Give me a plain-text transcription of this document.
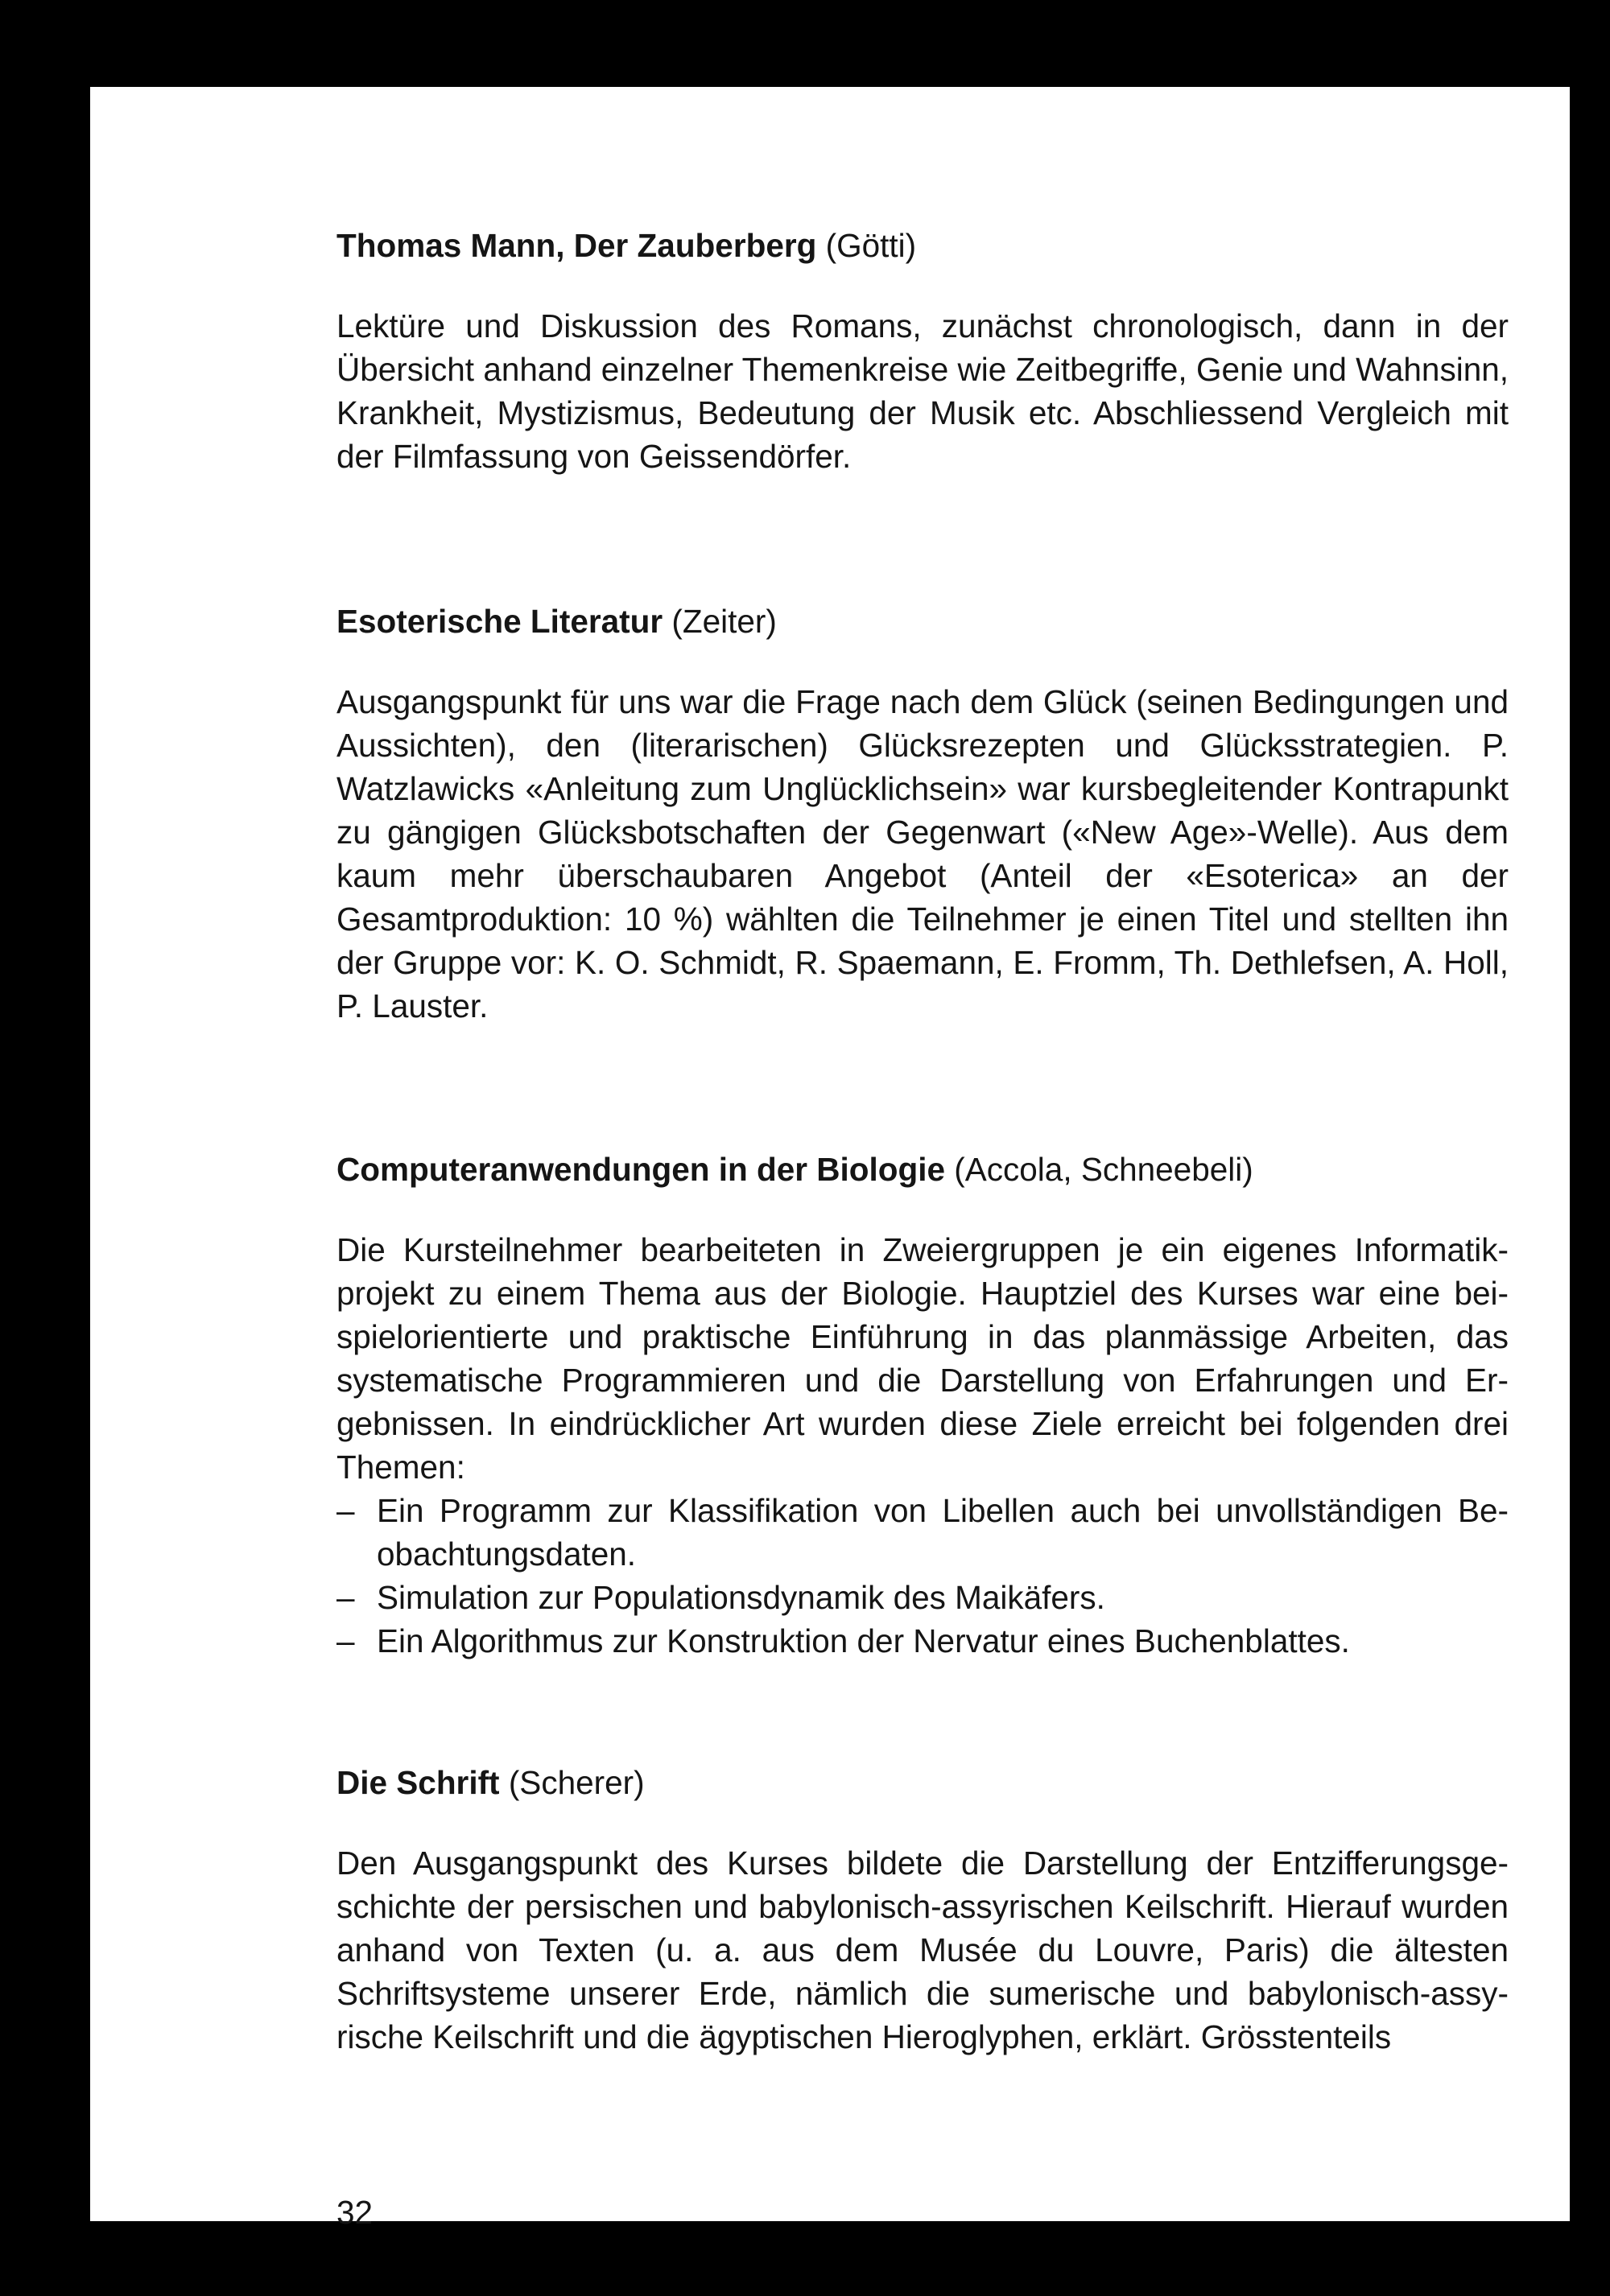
Thomas Mann, Der Zauberberg (Götti)

Lektüre und Diskussion des Romans, zunächst chronologisch, dann in der Übersicht anhand einzelner Themenkreise wie Zeitbegriffe, Genie und Wahnsinn, Krankheit, Mystizismus, Bedeutung der Musik etc. Abschliessend Vergleich mit der Filmfassung von Geissendörfer.

Esoterische Literatur (Zeiter)

Ausgangspunkt für uns war die Frage nach dem Glück (seinen Bedingungen und Aussichten), den (literarischen) Glücksrezepten und Glücksstrategien. P. Watzlawicks «Anleitung zum Unglücklichsein» war kursbegleitender Kontrapunkt zu gängigen Glücksbotschaften der Gegenwart («New Age»-Welle). Aus dem kaum mehr überschaubaren Angebot (Anteil der «Esoterica» an der Gesamtproduktion: 10 %) wählten die Teilnehmer je einen Titel und stellten ihn der Gruppe vor: K. O. Schmidt, R. Spaemann, E. Fromm, Th. Dethlefsen, A. Holl, P. Lauster.

Computeranwendungen in der Biologie (Accola, Schneebeli)

Die Kursteilnehmer bearbeiteten in Zweiergruppen je ein eigenes Informatikprojekt zu einem Thema aus der Biologie. Hauptziel des Kurses war eine beispielorientierte und praktische Einführung in das planmässige Arbeiten, das systematische Programmieren und die Darstellung von Erfahrungen und Ergebnissen. In eindrücklicher Art wurden diese Ziele erreicht bei folgenden drei Themen:

– Ein Programm zur Klassifikation von Libellen auch bei unvollständigen Beobachtungsdaten.
– Simulation zur Populationsdynamik des Maikäfers.
– Ein Algorithmus zur Konstruktion der Nervatur eines Buchenblattes.
Die Schrift (Scherer)

Den Ausgangspunkt des Kurses bildete die Darstellung der Entzifferungsgeschichte der persischen und babylonisch-assyrischen Keilschrift. Hierauf wurden anhand von Texten (u. a. aus dem Musée du Louvre, Paris) die ältesten Schriftsysteme unserer Erde, nämlich die sumerische und babylonisch-assyrische Keilschrift und die ägyptischen Hieroglyphen, erklärt. Grösstenteils

32
